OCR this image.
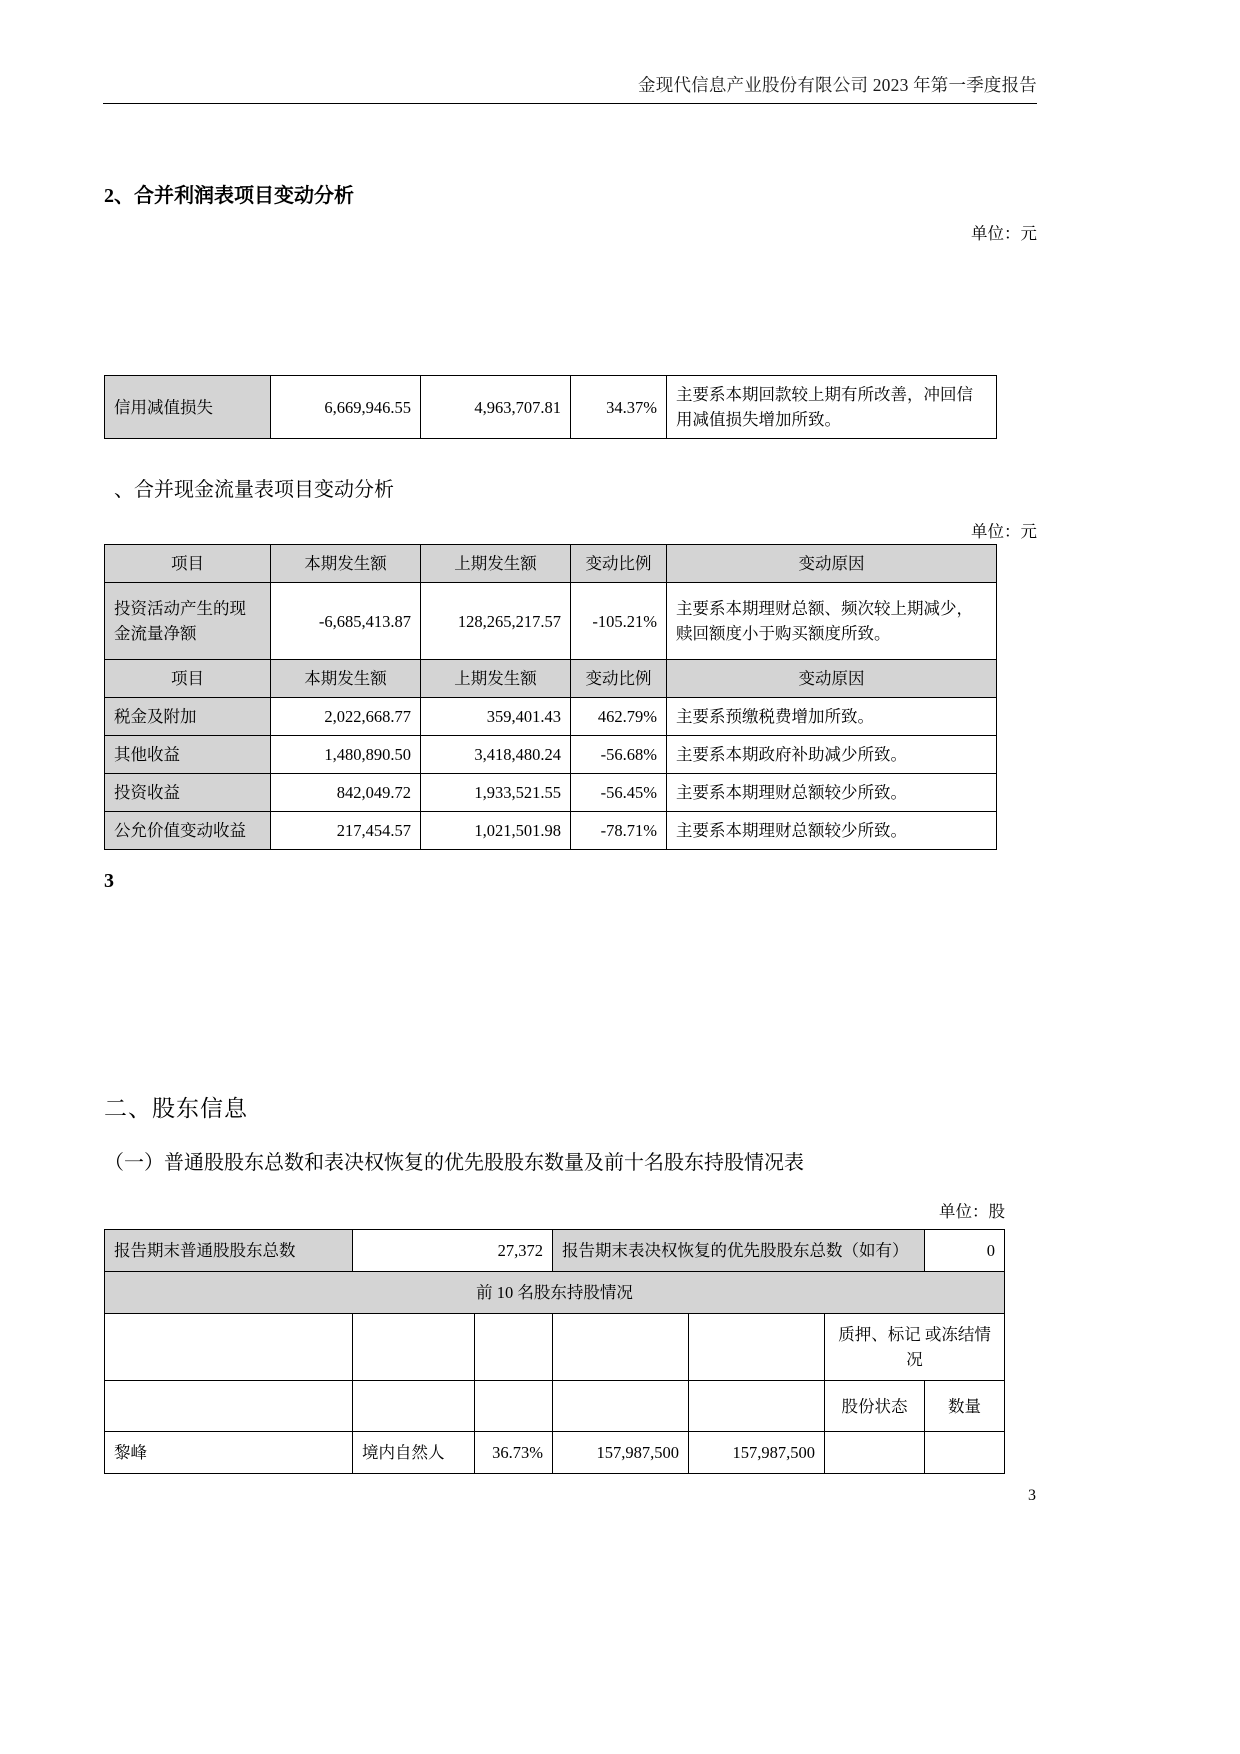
金现代信息产业股份有限公司 2023 年第一季度报告
2、合并利润表项目变动分析
单位：元
信用减值损失	6,669,946.55	4,963,707.81	34.37%	主要系本期回款较上期有所改善，冲回信用减值损失增加所致。
、合并现金流量表项目变动分析
单位：元
项目	本期发生额	上期发生额	变动比例	变动原因
投资活动产生的现金流量净额	-6,685,413.87	128,265,217.57	-105.21%	主要系本期理财总额、频次较上期减少，赎回额度小于购买额度所致。
项目	本期发生额	上期发生额	变动比例	变动原因
税金及附加	2,022,668.77	359,401.43	462.79%	主要系预缴税费增加所致。
其他收益	1,480,890.50	3,418,480.24	-56.68%	主要系本期政府补助减少所致。
投资收益	842,049.72	1,933,521.55	-56.45%	主要系本期理财总额较少所致。
公允价值变动收益	217,454.57	1,021,501.98	-78.71%	主要系本期理财总额较少所致。
3
二、股东信息
（一）普通股股东总数和表决权恢复的优先股股东数量及前十名股东持股情况表
单位：股
报告期末普通股股东总数	27,372		报告期末表决权恢复的优先股股东总数（如有）			0
前 10 名股东持股情况						
					质押、标记 或冻结情况	
					股份状态	数量
黎峰	境内自然人	36.73%	157,987,500	157,987,500		
3
